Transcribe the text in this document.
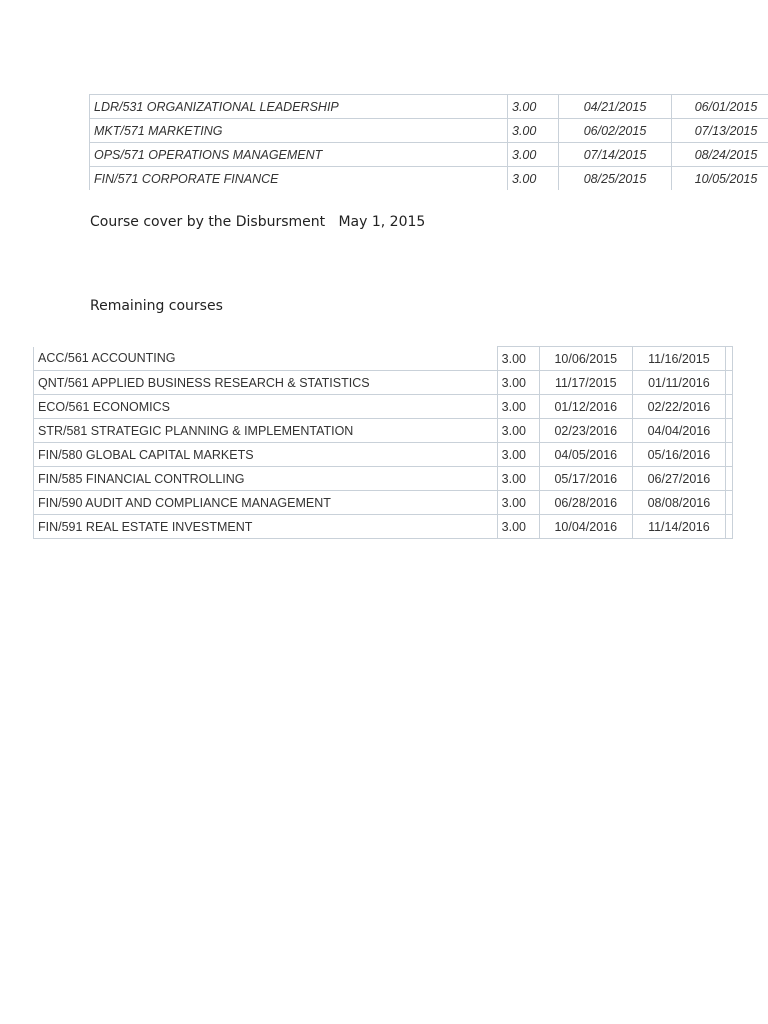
LDR/531 ORGANIZATIONAL LEADERSHIP	3.00	04/21/2015	06/01/2015
MKT/571 MARKETING	3.00	06/02/2015	07/13/2015
OPS/571 OPERATIONS MANAGEMENT	3.00	07/14/2015	08/24/2015
FIN/571 CORPORATE FINANCE	3.00	08/25/2015	10/05/2015
Course cover by the Disbursment   May 1, 2015
Remaining courses
ACC/561 ACCOUNTING	3.00	10/06/2015	11/16/2015	
QNT/561 APPLIED BUSINESS RESEARCH & STATISTICS	3.00	11/17/2015	01/11/2016	
ECO/561 ECONOMICS	3.00	01/12/2016	02/22/2016	
STR/581 STRATEGIC PLANNING & IMPLEMENTATION	3.00	02/23/2016	04/04/2016	
FIN/580 GLOBAL CAPITAL MARKETS	3.00	04/05/2016	05/16/2016	
FIN/585 FINANCIAL CONTROLLING	3.00	05/17/2016	06/27/2016	
FIN/590 AUDIT AND COMPLIANCE MANAGEMENT	3.00	06/28/2016	08/08/2016	
FIN/591 REAL ESTATE INVESTMENT	3.00	10/04/2016	11/14/2016	
